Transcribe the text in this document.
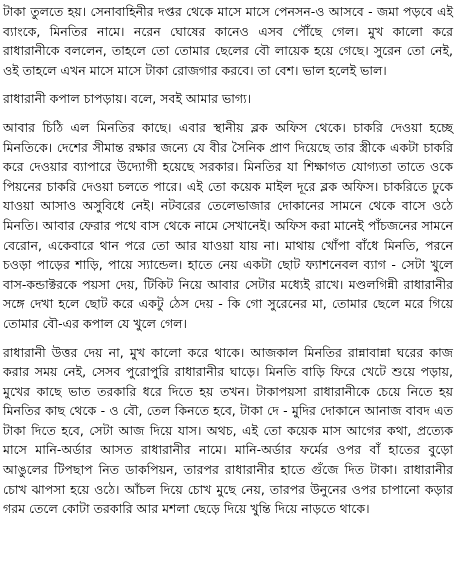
টাকা তুলতে হয়। সেনাবাহিনীর দপ্তর থেকে মাসে মাসে পেনসন-ও আসবে - জমা পড়বে এই ব্যাংকে, মিনতির নামে। নরেন ঘোষের কানেও এসব পৌঁছে গেল। মুখ কালো করে রাধারানীকে বললেন, তাহলে তো তোমার ছেলের বৌ লায়েক হয়ে গেছে। সুরেন তো নেই, ওই তাহলে এখন মাসে মাসে টাকা রোজগার করবে। তা বেশ। ভাল হলেই ভাল।

রাধারানী কপাল চাপড়ায়। বলে, সবই আমার ভাগ্য।

আবার চিঠি এল মিনতির কাছে। এবার স্থানীয় ব্লক অফিস থেকে। চাকরি দেওয়া হচ্ছে মিনতিকে। দেশের সীমান্ত রক্ষার জন্যে যে বীর সৈনিক প্রাণ দিয়েছে তার স্ত্রীকে একটা চাকরি করে দেওয়ার ব্যাপারে উদ্যোগী হয়েছে সরকার। মিনতির যা শিক্ষাগত যোগ্যতা তাতে ওকে পিয়নের চাকরি দেওয়া চলতে পারে। এই তো কয়েক মাইল দূরে ব্লক অফিস। চাকরিতে ঢুকে যাওয়া আসাও অসুবিধে নেই। নটবরের তেলেভাজার দোকানের সামনে থেকে বাসে ওঠে মিনতি। আবার ফেরার পথে বাস থেকে নামে সেখানেই। অফিস করা মানেই পাঁচজনের সামনে বেরোন, একেবারে থান পরে তো আর যাওয়া যায় না। মাথায় খোঁপা বাঁধে মিনতি, পরনে চওড়া পাড়ের শাড়ি, পায়ে স্যান্ডেল। হাতে নেয় একটা ছোট ফ্যাশনেবল ব্যাগ - সেটা খুলে বাস-কন্ডাক্টরকে পয়সা দেয়, টিকিট নিয়ে আবার সেটার মধ্যেই রাখে। মণ্ডলগিন্নী রাধারানীর সঙ্গে দেখা হলে ছোট করে একটু ঠেস দেয় - কি গো সুরেনের মা, তোমার ছেলে মরে গিয়ে তোমার বৌ-এর কপাল যে খুলে গেল।

রাধারানী উত্তর দেয় না, মুখ কালো করে থাকে। আজকাল মিনতির রান্নাবান্না ঘরের কাজ করার সময় নেই, সেসব পুরোপুরি রাধারানীর ঘাড়ে। মিনতি বাড়ি ফিরে খেটে শুয়ে পড়ায়, মুখের কাছে ভাত তরকারি ধরে দিতে হয় তখন। টাকাপয়সা রাধারানীকে চেয়ে নিতে হয় মিনতির কাছ থেকে - ও বৌ, তেল কিনতে হবে, টাকা দে - মুদির দোকানে আনাজ বাবদ এত টাকা দিতে হবে, সেটা আজ দিয়ে যাস। অথচ, এই তো কয়েক মাস আগের কথা, প্রত্যেক মাসে মানি-অর্ডার আসত রাধারানীর নামে। মানি-অর্ডার ফর্মের ওপর বাঁ হাতের বুড়ো আঙুলের টিপছাপ নিত ডাকপিয়ন, তারপর রাধারানীর হাতে গুঁজে দিত টাকা। রাধারানীর চোখ ঝাপসা হয়ে ওঠে। আঁচল দিয়ে চোখ মুছে নেয়, তারপর উনুনের ওপর চাপানো কড়ার গরম তেলে কোটা তরকারি আর মশলা ছেড়ে দিয়ে খুন্তি দিয়ে নাড়তে থাকে।
